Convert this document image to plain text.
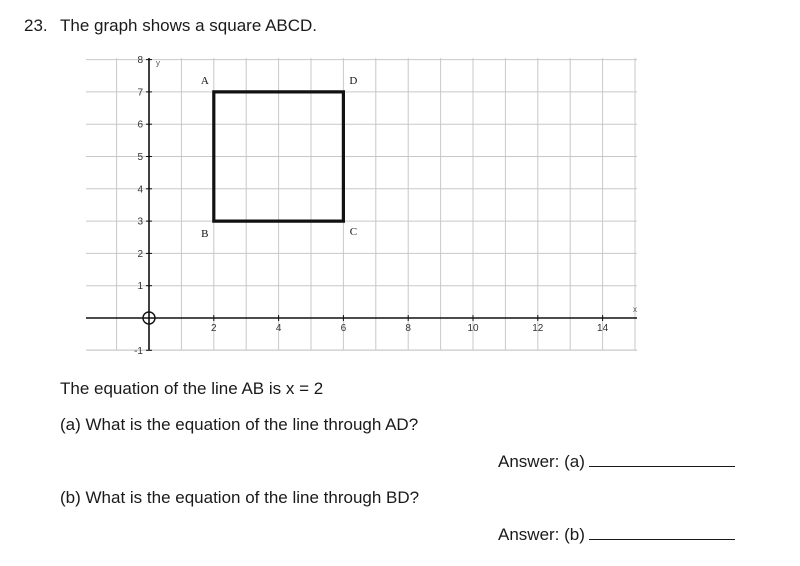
23. The graph shows a square ABCD.
2	4	6	8	10	12	14
-1
1
2
3
4
5
6
7
8 y
x
0
A	D
C
B
The equation of the line AB is x = 2
(a) What is the equation of the line through AD?
Answer: (a)
(b) What is the equation of the line through BD?
Answer: (b)
